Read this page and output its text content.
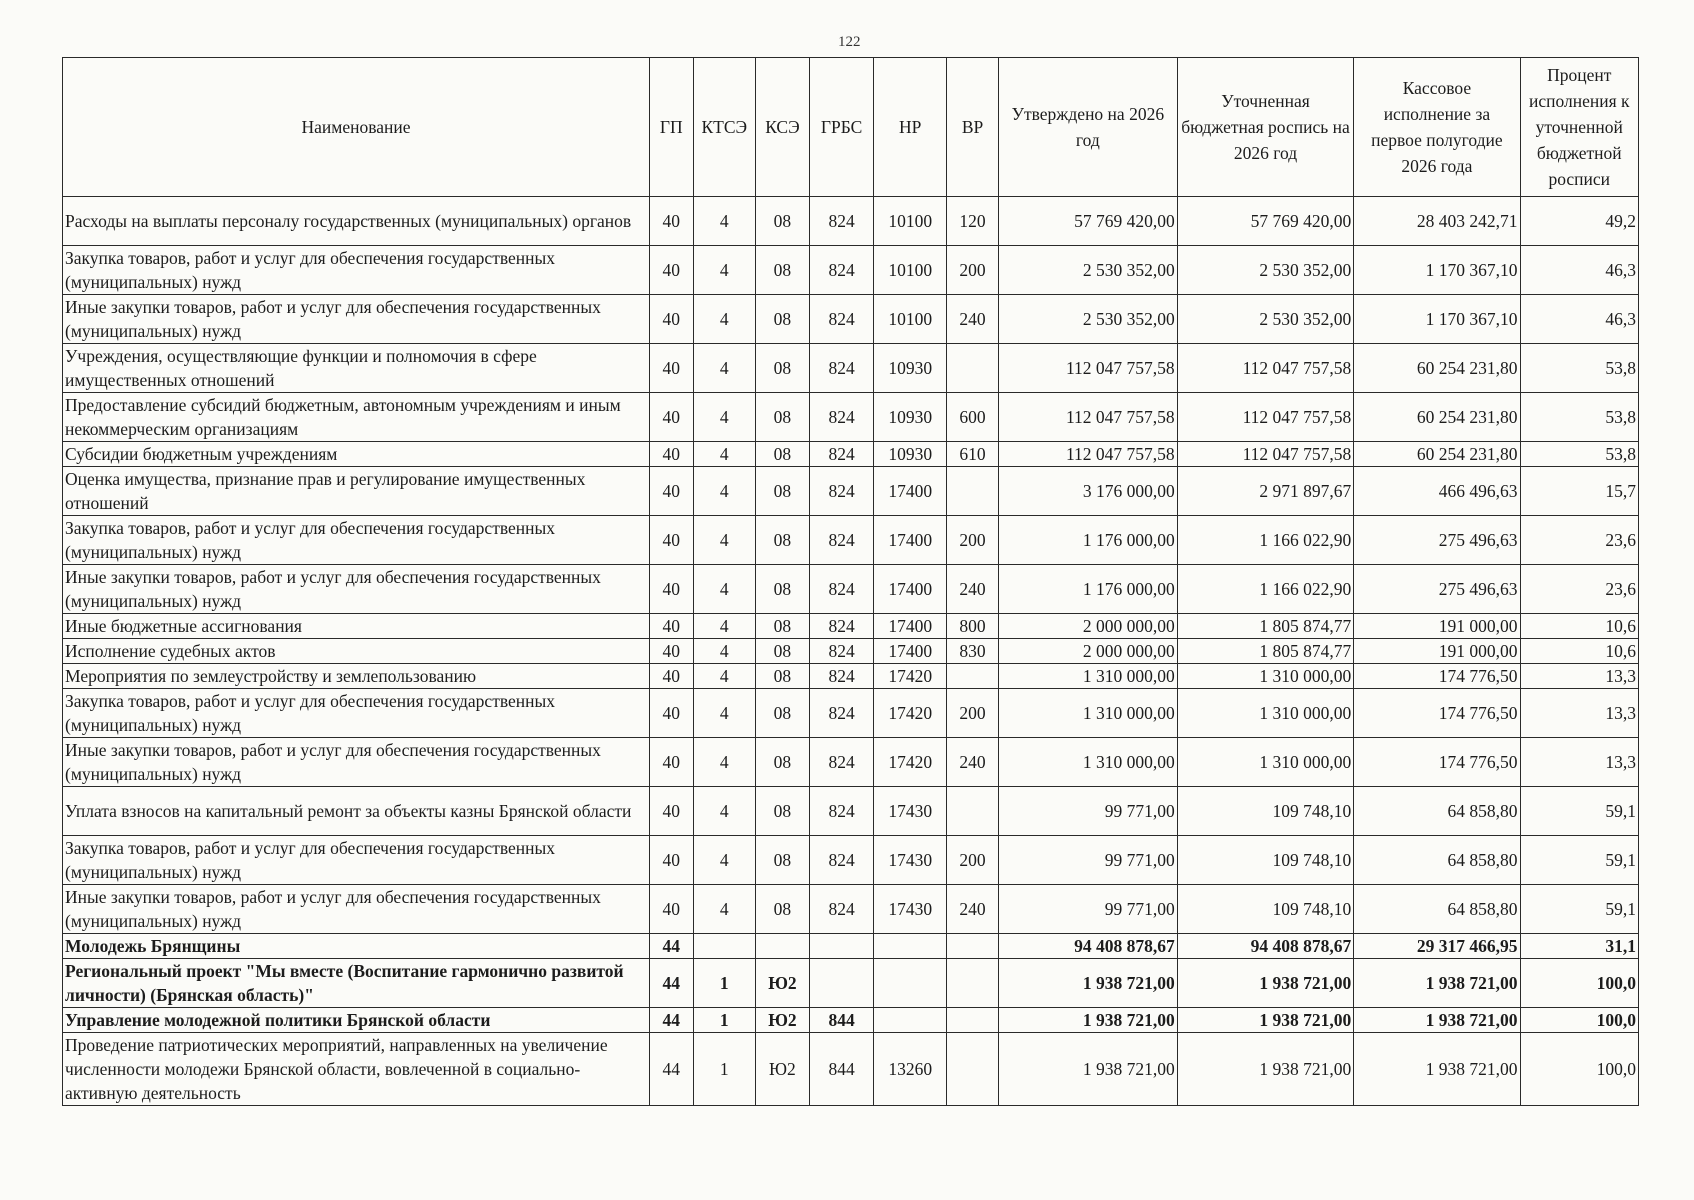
122
Наименование	ГП	КТСЭ	КСЭ	ГРБС	НР	ВР	Утверждено на 2026 год	Уточненная бюджетная роспись на 2026 год	Кассовое исполнение за первое полугодие 2026 года	Процент исполнения к уточненной бюджетной росписи
Расходы на выплаты персоналу государственных (муниципальных) органов	40	4	08	824	10100	120	57 769 420,00	57 769 420,00	28 403 242,71	49,2
Закупка товаров, работ и услуг для обеспечения государственных (муниципальных) нужд	40	4	08	824	10100	200	2 530 352,00	2 530 352,00	1 170 367,10	46,3
Иные закупки товаров, работ и услуг для обеспечения государственных (муниципальных) нужд	40	4	08	824	10100	240	2 530 352,00	2 530 352,00	1 170 367,10	46,3
Учреждения, осуществляющие функции и полномочия в сфере имущественных отношений	40	4	08	824	10930		112 047 757,58	112 047 757,58	60 254 231,80	53,8
Предоставление субсидий бюджетным, автономным учреждениям и иным некоммерческим организациям	40	4	08	824	10930	600	112 047 757,58	112 047 757,58	60 254 231,80	53,8
Субсидии бюджетным учреждениям	40	4	08	824	10930	610	112 047 757,58	112 047 757,58	60 254 231,80	53,8
Оценка имущества, признание прав и регулирование имущественных отношений	40	4	08	824	17400		3 176 000,00	2 971 897,67	466 496,63	15,7
Закупка товаров, работ и услуг для обеспечения государственных (муниципальных) нужд	40	4	08	824	17400	200	1 176 000,00	1 166 022,90	275 496,63	23,6
Иные закупки товаров, работ и услуг для обеспечения государственных (муниципальных) нужд	40	4	08	824	17400	240	1 176 000,00	1 166 022,90	275 496,63	23,6
Иные бюджетные ассигнования	40	4	08	824	17400	800	2 000 000,00	1 805 874,77	191 000,00	10,6
Исполнение судебных актов	40	4	08	824	17400	830	2 000 000,00	1 805 874,77	191 000,00	10,6
Мероприятия по землеустройству и землепользованию	40	4	08	824	17420		1 310 000,00	1 310 000,00	174 776,50	13,3
Закупка товаров, работ и услуг для обеспечения государственных (муниципальных) нужд	40	4	08	824	17420	200	1 310 000,00	1 310 000,00	174 776,50	13,3
Иные закупки товаров, работ и услуг для обеспечения государственных (муниципальных) нужд	40	4	08	824	17420	240	1 310 000,00	1 310 000,00	174 776,50	13,3
Уплата взносов на капитальный ремонт за объекты казны Брянской области	40	4	08	824	17430		99 771,00	109 748,10	64 858,80	59,1
Закупка товаров, работ и услуг для обеспечения государственных (муниципальных) нужд	40	4	08	824	17430	200	99 771,00	109 748,10	64 858,80	59,1
Иные закупки товаров, работ и услуг для обеспечения государственных (муниципальных) нужд	40	4	08	824	17430	240	99 771,00	109 748,10	64 858,80	59,1
Молодежь Брянщины	44						94 408 878,67	94 408 878,67	29 317 466,95	31,1
Региональный проект "Мы вместе (Воспитание гармонично развитой личности) (Брянская область)"	44	1	Ю2				1 938 721,00	1 938 721,00	1 938 721,00	100,0
Управление молодежной политики Брянской области	44	1	Ю2	844			1 938 721,00	1 938 721,00	1 938 721,00	100,0
Проведение патриотических мероприятий, направленных на увеличение численности молодежи Брянской области, вовлеченной в социально-активную деятельность	44	1	Ю2	844	13260		1 938 721,00	1 938 721,00	1 938 721,00	100,0
